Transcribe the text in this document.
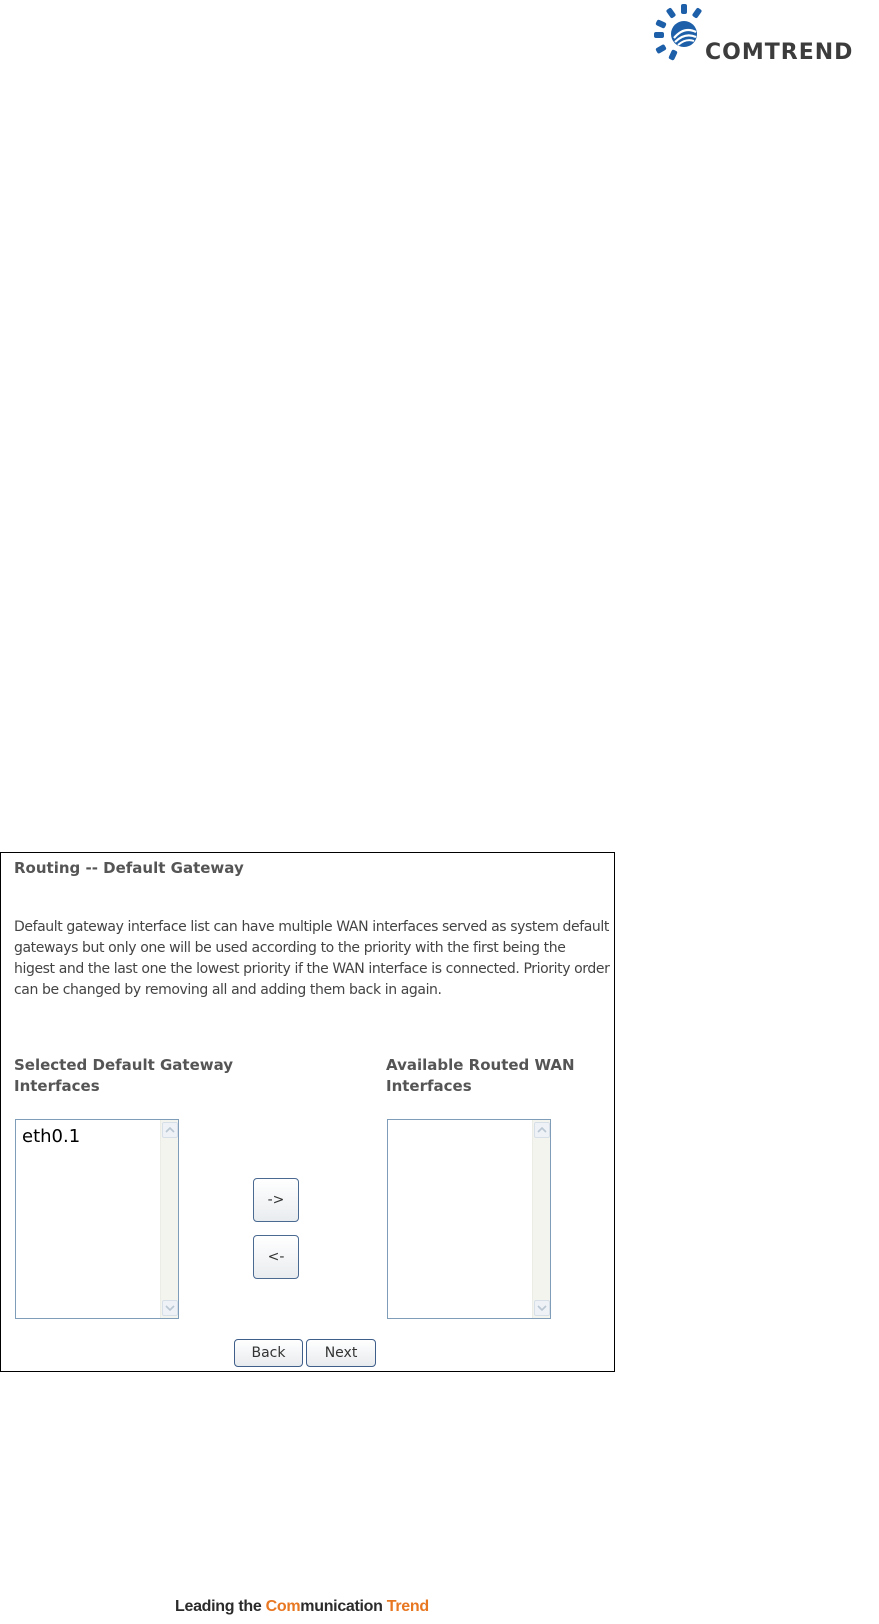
COMTREND
Routing -- Default Gateway
Default gateway interface list can have multiple WAN interfaces served as system default gateways but only one will be used according to the priority with the first being the higest and the last one the lowest priority if the WAN interface is connected. Priority order can be changed by removing all and adding them back in again.
Selected Default Gateway Interfaces
Available Routed WAN Interfaces
eth0.1
->
<-
Back	Next
Leading the Communication Trend
